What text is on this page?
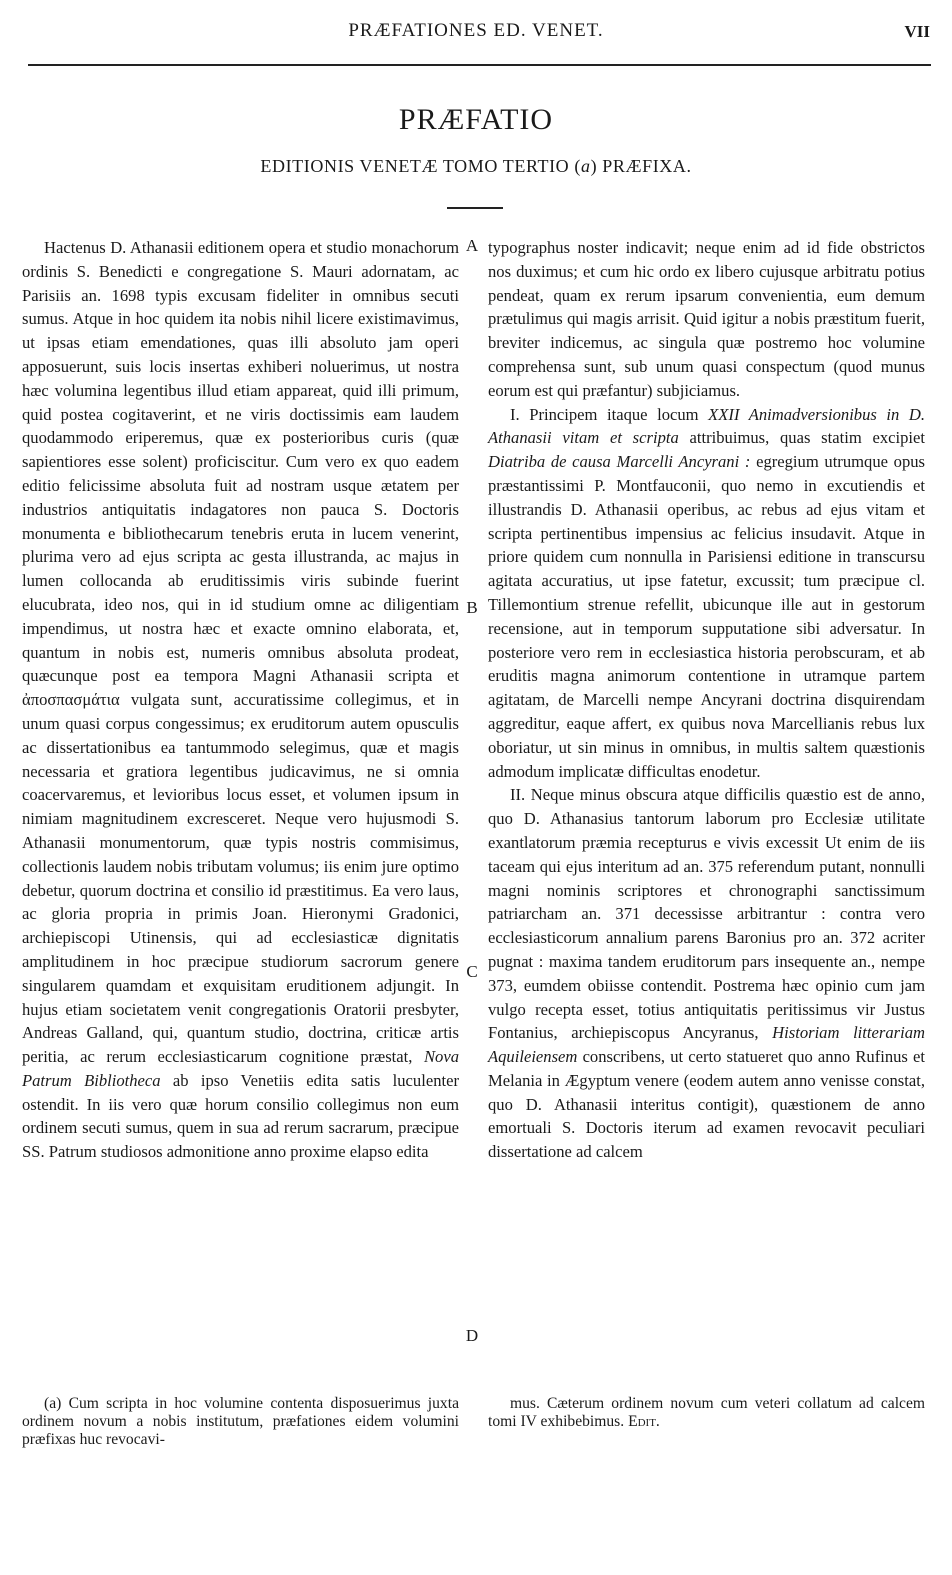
PRÆFATIONES ED. VENET.	VII
PRÆFATIO
EDITIONIS VENETÆ TOMO TERTIO (a) PRÆFIXA.

Hactenus D. Athanasii editionem opera et studio monachorum ordinis S. Benedicti e congregatione S. Mauri adornatam, ac Parisiis an. 1698 typis excusam fideliter in omnibus secuti sumus. Atque in hoc quidem ita nobis nihil licere existimavimus, ut ipsas etiam emendationes, quas illi absoluto jam operi apposuerunt, suis locis insertas exhiberi noluerimus, ut nostra hæc volumina legentibus illud etiam appareat, quid illi primum, quid postea cogitaverint, et ne viris doctissimis eam laudem quodammodo eriperemus, quæ ex posterioribus curis (quæ sapientiores esse solent) proficiscitur. Cum vero ex quo eadem editio felicissime absoluta fuit ad nostram usque ætatem per industrios antiquitatis indagatores non pauca S. Doctoris monumenta e bibliothecarum tenebris eruta in lucem venerint, plurima vero ad ejus scripta ac gesta illustranda, ac majus in lumen collocanda ab eruditissimis viris subinde fuerint elucubrata, ideo nos, qui in id studium omne ac diligentiam impendimus, ut nostra hæc et exacte omnino elaborata, et, quantum in nobis est, numeris omnibus absoluta prodeat, quæcunque post ea tempora Magni Athanasii scripta et ἀποσπασμάτια vulgata sunt, accuratissime collegimus, et in unum quasi corpus congessimus; ex eruditorum autem opusculis ac dissertationibus ea tantummodo selegimus, quæ et magis necessaria et gratiora legentibus judicavimus, ne si omnia coacervaremus, et levioribus locus esset, et volumen ipsum in nimiam magnitudinem excresceret. Neque vero hujusmodi S. Athanasii monumentorum, quæ typis nostris commisimus, collectionis laudem nobis tributam volumus; iis enim jure optimo debetur, quorum doctrina et consilio id præstitimus. Ea vero laus, ac gloria propria in primis Joan. Hieronymi Gradonici, archiepiscopi Utinensis, qui ad ecclesiasticæ dignitatis amplitudinem in hoc præcipue studiorum sacrorum genere singularem quamdam et exquisitam eruditionem adjungit. In hujus etiam societatem venit congregationis Oratorii presbyter, Andreas Galland, qui, quantum studio, doctrina, criticæ artis peritia, ac rerum ecclesiasticarum cognitione præstat, Nova Patrum Bibliotheca ab ipso Venetiis edita satis luculenter ostendit. In iis vero quæ horum consilio collegimus non eum ordinem secuti sumus, quem in sua ad rerum sacrarum, præcipue SS. Patrum studiosos admonitione anno proxime elapso edita

A
B
C
D

typographus noster indicavit; neque enim ad id fide obstrictos nos duximus; et cum hic ordo ex libero cujusque arbitratu potius pendeat, quam ex rerum ipsarum convenientia, eum demum prætulimus qui magis arrisit. Quid igitur a nobis præstitum fuerit, breviter indicemus, ac singula quæ postremo hoc volumine comprehensa sunt, sub unum quasi conspectum (quod munus eorum est qui præfantur) subjiciamus.

I. Principem itaque locum XXII Animadversionibus in D. Athanasii vitam et scripta attribuimus, quas statim excipiet Diatriba de causa Marcelli Ancyrani : egregium utrumque opus præstantissimi P. Montfauconii, quo nemo in excutiendis et illustrandis D. Athanasii operibus, ac rebus ad ejus vitam et scripta pertinentibus impensius ac felicius insudavit. Atque in priore quidem cum nonnulla in Parisiensi editione in transcursu agitata accuratius, ut ipse fatetur, excussit; tum præcipue cl. Tillemontium strenue refellit, ubicunque ille aut in gestorum recensione, aut in temporum supputatione sibi adversatur. In posteriore vero rem in ecclesiastica historia perobscuram, et ab eruditis magna animorum contentione in utramque partem agitatam, de Marcelli nempe Ancyrani doctrina disquirendam aggreditur, eaque affert, ex quibus nova Marcellianis rebus lux oboriatur, ut sin minus in omnibus, in multis saltem quæstionis admodum implicatæ difficultas enodetur.

II. Neque minus obscura atque difficilis quæstio est de anno, quo D. Athanasius tantorum laborum pro Ecclesiæ utilitate exantlatorum præmia recepturus e vivis excessit Ut enim de iis taceam qui ejus interitum ad an. 375 referendum putant, nonnulli magni nominis scriptores et chronographi sanctissimum patriarcham an. 371 decessisse arbitrantur : contra vero ecclesiasticorum annalium parens Baronius pro an. 372 acriter pugnat : maxima tandem eruditorum pars insequente an., nempe 373, eumdem obiisse contendit. Postrema hæc opinio cum jam vulgo recepta esset, totius antiquitatis peritissimus vir Justus Fontanius, archiepiscopus Ancyranus, Historiam litterariam Aquileiensem conscribens, ut certo statueret quo anno Rufinus et Melania in Ægyptum venere (eodem autem anno venisse constat, quo D. Athanasii interitus contigit), quæstionem de anno emortuali S. Doctoris iterum ad examen revocavit peculiari dissertatione ad calcem

(a) Cum scripta in hoc volumine contenta disposuerimus juxta ordinem novum a nobis institutum, præfationes eidem volumini præfixas huc revocavi-

mus. Cæterum ordinem novum cum veteri collatum ad calcem tomi IV exhibebimus. Edit.
